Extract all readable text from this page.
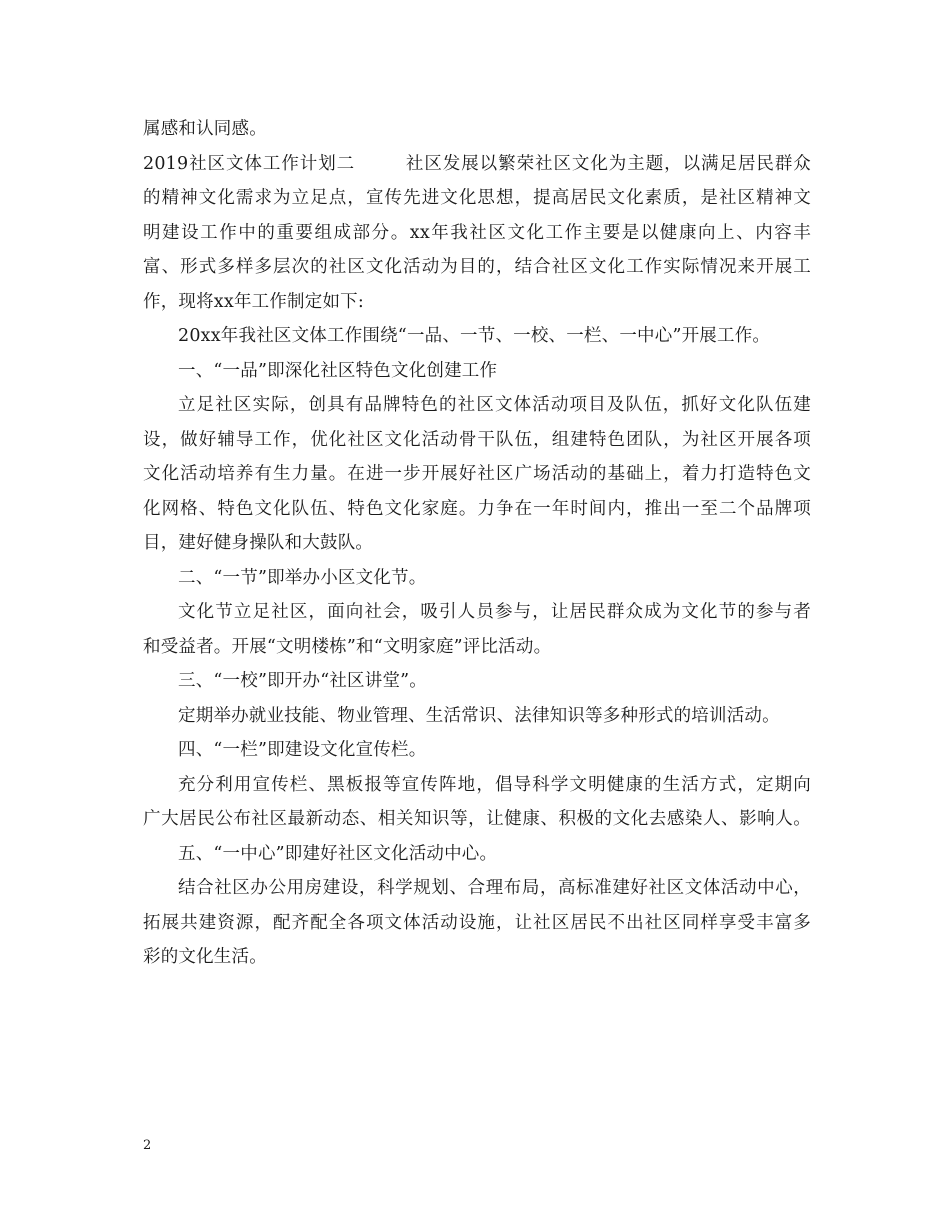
属感和认同感。
2019社区文体工作计划二	社区发展以繁荣社区文化为主题，以满足居民群众
的精神文化需求为立足点，宣传先进文化思想，提高居民文化素质，是社区精神文
明建设工作中的重要组成部分。xx年我社区文化工作主要是以健康向上、内容丰
富、形式多样多层次的社区文化活动为目的，结合社区文化工作实际情况来开展工
作，现将xx年工作制定如下:
20xx年我社区文体工作围绕“一品、一节、一校、一栏、一中心”开展工作。
一、“一品”即深化社区特色文化创建工作
立足社区实际，创具有品牌特色的社区文体活动项目及队伍，抓好文化队伍建
设，做好辅导工作，优化社区文化活动骨干队伍，组建特色团队，为社区开展各项
文化活动培养有生力量。在进一步开展好社区广场活动的基础上，着力打造特色文
化网格、特色文化队伍、特色文化家庭。力争在一年时间内，推出一至二个品牌项
目，建好健身操队和大鼓队。
二、“一节”即举办小区文化节。
文化节立足社区，面向社会，吸引人员参与，让居民群众成为文化节的参与者
和受益者。开展“文明楼栋”和“文明家庭”评比活动。
三、“一校”即开办“社区讲堂”。
定期举办就业技能、物业管理、生活常识、法律知识等多种形式的培训活动。
四、“一栏”即建设文化宣传栏。
充分利用宣传栏、黑板报等宣传阵地，倡导科学文明健康的生活方式，定期向
广大居民公布社区最新动态、相关知识等，让健康、积极的文化去感染人、影响人。
五、“一中心”即建好社区文化活动中心。
结合社区办公用房建设，科学规划、合理布局，高标准建好社区文体活动中心，
拓展共建资源，配齐配全各项文体活动设施，让社区居民不出社区同样享受丰富多
彩的文化生活。
2
